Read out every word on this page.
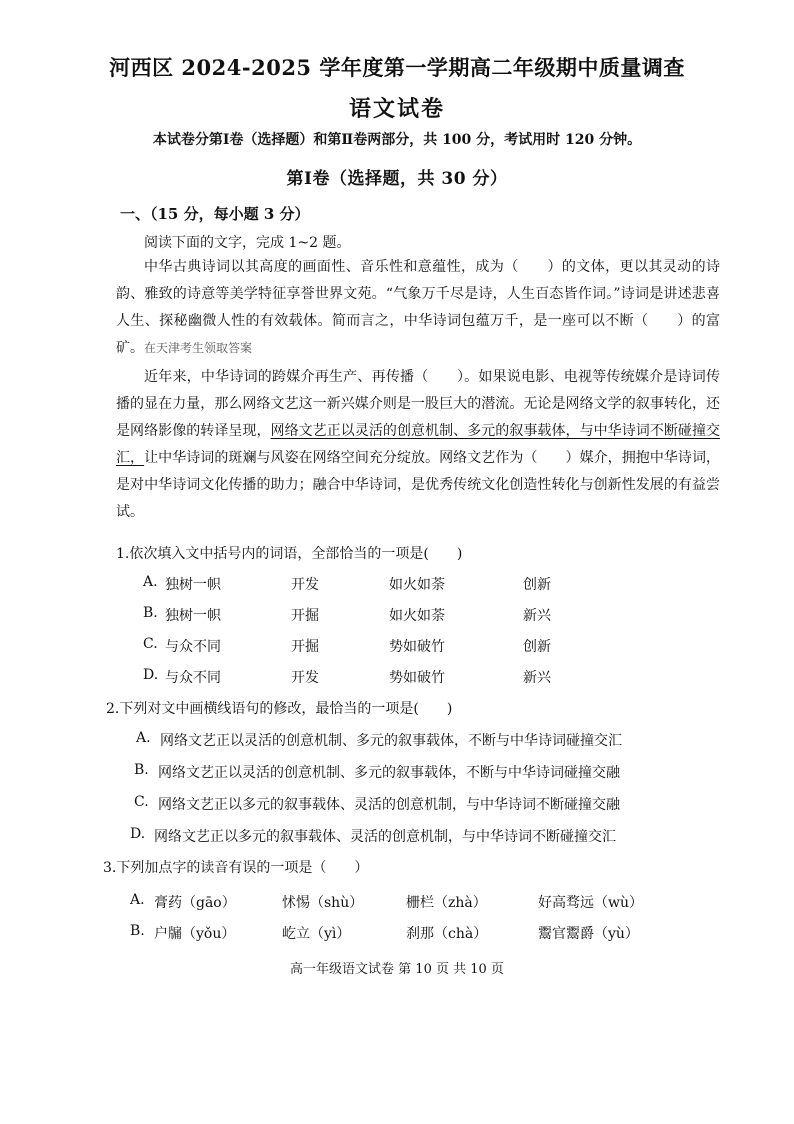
河西区 2024-2025 学年度第一学期高二年级期中质量调查
语文试卷
本试卷分第Ⅰ卷（选择题）和第Ⅱ卷两部分，共 100 分，考试用时 120 分钟。
第Ⅰ卷（选择题，共 30 分）
一、（15 分，每小题 3 分）
阅读下面的文字，完成 1~2 题。
中华古典诗词以其高度的画面性、音乐性和意蕴性，成为（　　）的文体，更以其灵动的诗韵、雅致的诗意等美学特征享誉世界文苑。“气象万千尽是诗，人生百态皆作词。”诗词是讲述悲喜人生、探秘幽微人性的有效载体。简而言之，中华诗词包蕴万千，是一座可以不断（　　）的富矿。在天津考生领取答案
近年来，中华诗词的跨媒介再生产、再传播（　　）。如果说电影、电视等传统媒介是诗词传播的显在力量，那么网络文艺这一新兴媒介则是一股巨大的潜流。无论是网络文学的叙事转化，还是网络影像的转译呈现，网络文艺正以灵活的创意机制、多元的叙事载体，与中华诗词不断碰撞交汇，让中华诗词的斑斓与风姿在网络空间充分绽放。网络文艺作为（　　）媒介，拥抱中华诗词，是对中华诗词文化传播的助力；融合中华诗词，是优秀传统文化创造性转化与创新性发展的有益尝试。
1.依次填入文中括号内的词语，全部恰当的一项是(　　)
A. 独树一帜	开发	如火如荼	创新
B. 独树一帜	开掘	如火如荼	新兴
C. 与众不同	开掘	势如破竹	创新
D. 与众不同	开发	势如破竹	新兴
2.下列对文中画横线语句的修改，最恰当的一项是(　　)
A. 网络文艺正以灵活的创意机制、多元的叙事载体，不断与中华诗词碰撞交汇
B. 网络文艺正以灵活的创意机制、多元的叙事载体，不断与中华诗词碰撞交融
C. 网络文艺正以多元的叙事载体、灵活的创意机制，与中华诗词不断碰撞交融
D. 网络文艺正以多元的叙事载体、灵活的创意机制，与中华诗词不断碰撞交汇
3.下列加点字的读音有误的一项是（　　）
A. 膏药（gāo）	怵惕（shù）	栅栏（zhà）	好高骛远（wù）
B. 户牖（yǒu）	屹立（yì）	刹那（chà）	鬻官鬻爵（yù）
高一年级语文试卷 第 10 页 共 10 页
